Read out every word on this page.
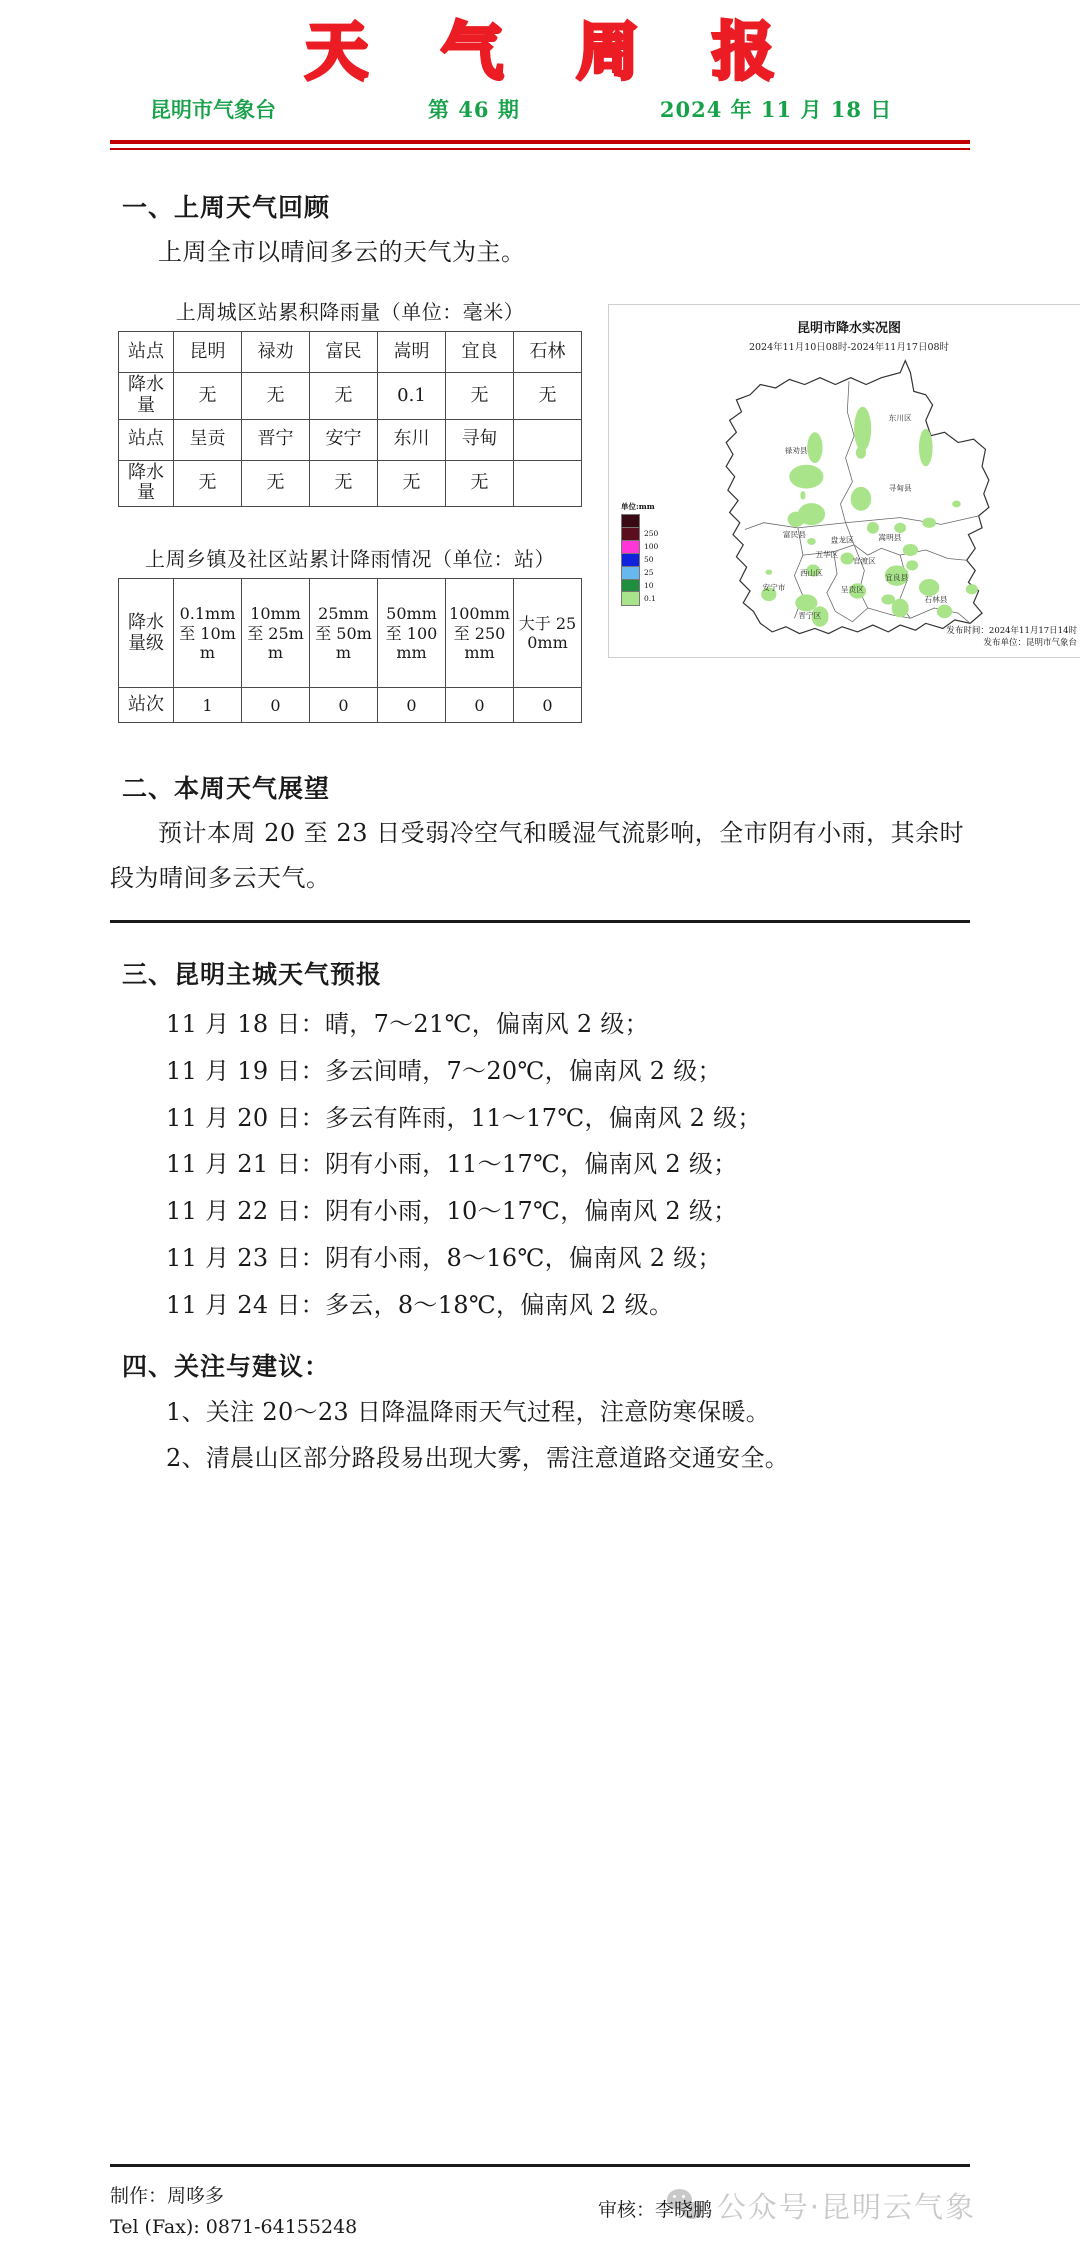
天 气 周 报
昆明市气象台	第 46 期	2024 年 11 月 18 日
一、上周天气回顾

上周全市以晴间多云的天气为主。

上周城区站累积降雨量（单位：毫米）
站点	昆明	禄劝	富民	嵩明	宜良	石林
降水量	无	无	无	0.1	无	无
站点	呈贡	晋宁	安宁	东川	寻甸	
降水量	无	无	无	无	无	
上周乡镇及社区站累计降雨情况（单位：站）
降水量级	0.1mm 至 10mm	10mm 至 25mm	25mm 至 50mm	50mm 至 100mm	100mm 至 250mm	大于 250mm
站次	1	0	0	0	0	0
昆明市降水实况图
2024年11月10日08时-2024年11月17日08时
东川区
禄劝县
寻甸县
富民县
盘龙区	嵩明县
五华区
官渡区
西山区	宜良县
安宁市	呈贡区
石林县
晋宁区
单位:mm
250
100
50
25
10
0.1
发布时间：2024年11月17日14时
发布单位：昆明市气象台
二、本周天气展望

预计本周 20 至 23 日受弱冷空气和暖湿气流影响，全市阴有小雨，其余时段为晴间多云天气。

三、昆明主城天气预报
11 月 18 日：晴，7～21℃，偏南风 2 级；
11 月 19 日：多云间晴，7～20℃，偏南风 2 级；
11 月 20 日：多云有阵雨，11～17℃，偏南风 2 级；
11 月 21 日：阴有小雨，11～17℃，偏南风 2 级；
11 月 22 日：阴有小雨，10～17℃，偏南风 2 级；
11 月 23 日：阴有小雨，8～16℃，偏南风 2 级；
11 月 24 日：多云，8～18℃，偏南风 2 级。
四、关注与建议：
1、关注 20～23 日降温降雨天气过程，注意防寒保暖。
2、清晨山区部分路段易出现大雾，需注意道路交通安全。
制作：周哆多
Tel (Fax): 0871-64155248
审核：李晓鹏 公众号·昆明云气象
